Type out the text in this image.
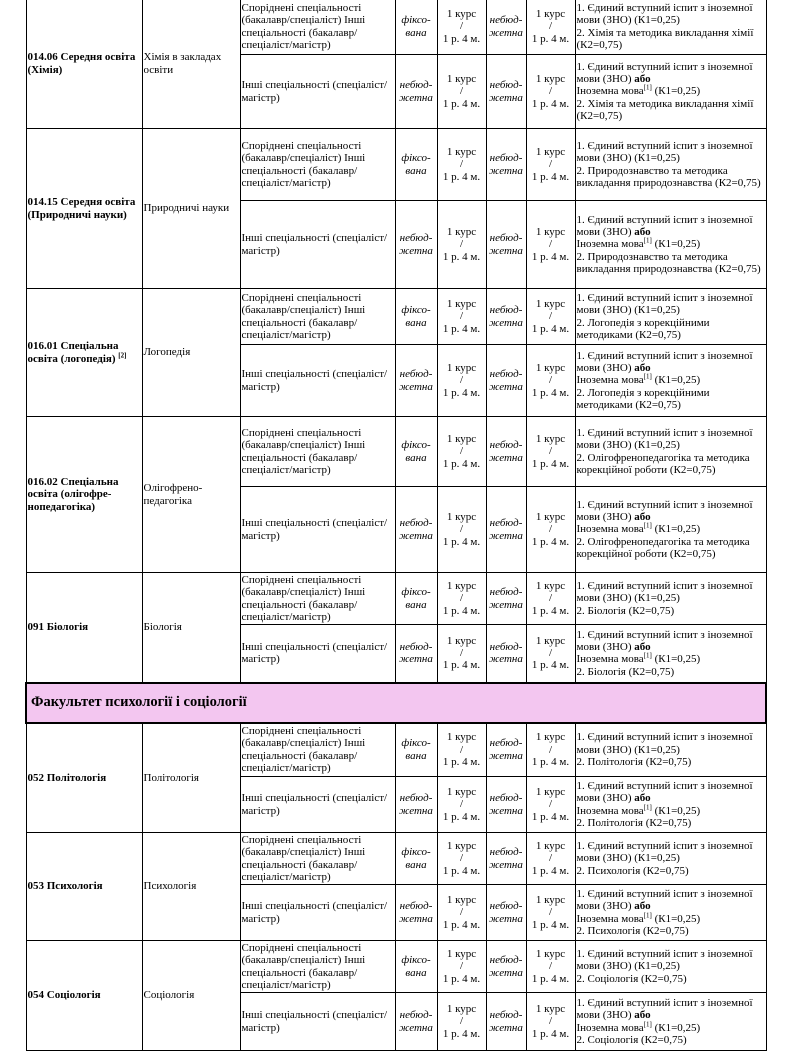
014.06 Середня освіта (Хімія)	Хімія в закладах освіти	Споріднені спеціальності (бакалавр/спеціаліст) Інші спеціальності (бакалавр/спеціаліст/магістр)	фіксо-вана	1 курс
/
1 р. 4 м.	небюд-жетна	1 курс
/
1 р. 4 м.	1. Єдиний вступний іспит з іноземної мови (ЗНО) (К1=0,25)
2. Хімія та методика викладання хімії (К2=0,75)
		Інші спеціальності (спеціаліст/магістр)	небюд-жетна	1 курс
/
1 р. 4 м.	небюд-жетна	1 курс
/
1 р. 4 м.	1. Єдиний вступний іспит з іноземної мови (ЗНО) або
Іноземна мова[1] (К1=0,25)
2. Хімія та методика викладання хімії (К2=0,75)
014.15 Середня освіта (Природничі науки)	Природничі науки	Споріднені спеціальності (бакалавр/спеціаліст) Інші спеціальності (бакалавр/спеціаліст/магістр)	фіксо-вана	1 курс
/
1 р. 4 м.	небюд-жетна	1 курс
/
1 р. 4 м.	1. Єдиний вступний іспит з іноземної мови (ЗНО) (К1=0,25)
2. Природознавство та методика викладання природознавства (К2=0,75)
		Інші спеціальності (спеціаліст/магістр)	небюд-жетна	1 курс
/
1 р. 4 м.	небюд-жетна	1 курс
/
1 р. 4 м.	1. Єдиний вступний іспит з іноземної мови (ЗНО) або
Іноземна мова[1] (К1=0,25)
2. Природознавство та методика викладання природознавства (К2=0,75)
016.01 Спеціальна освіта (логопедія) [2]	Логопедія	Споріднені спеціальності (бакалавр/спеціаліст) Інші спеціальності (бакалавр/спеціаліст/магістр)	фіксо-вана	1 курс
/
1 р. 4 м.	небюд-жетна	1 курс
/
1 р. 4 м.	1. Єдиний вступний іспит з іноземної мови (ЗНО) (К1=0,25)
2. Логопедія з корекційними методиками (К2=0,75)
		Інші спеціальності (спеціаліст/магістр)	небюд-жетна	1 курс
/
1 р. 4 м.	небюд-жетна	1 курс
/
1 р. 4 м.	1. Єдиний вступний іспит з іноземної мови (ЗНО) або
Іноземна мова[1] (К1=0,25)
2. Логопедія з корекційними методиками (К2=0,75)
016.02 Спеціальна освіта (олігофре-нопедагогіка)	Олігофрено-педагогіка	Споріднені спеціальності (бакалавр/спеціаліст) Інші спеціальності (бакалавр/спеціаліст/магістр)	фіксо-вана	1 курс
/
1 р. 4 м.	небюд-жетна	1 курс
/
1 р. 4 м.	1. Єдиний вступний іспит з іноземної мови (ЗНО) (К1=0,25)
2. Олігофренопедагогіка та методика корекційної роботи (К2=0,75)
		Інші спеціальності (спеціаліст/магістр)	небюд-жетна	1 курс
/
1 р. 4 м.	небюд-жетна	1 курс
/
1 р. 4 м.	1. Єдиний вступний іспит з іноземної мови (ЗНО) або
Іноземна мова[1] (К1=0,25)
2. Олігофренопедагогіка та методика корекційної роботи (К2=0,75)
091 Біологія	Біологія	Споріднені спеціальності (бакалавр/спеціаліст) Інші спеціальності (бакалавр/спеціаліст/магістр)	фіксо-вана	1 курс
/
1 р. 4 м.	небюд-жетна	1 курс
/
1 р. 4 м.	1. Єдиний вступний іспит з іноземної мови (ЗНО) (К1=0,25)
2. Біологія (К2=0,75)
		Інші спеціальності (спеціаліст/магістр)	небюд-жетна	1 курс
/
1 р. 4 м.	небюд-жетна	1 курс
/
1 р. 4 м.	1. Єдиний вступний іспит з іноземної мови (ЗНО) або
Іноземна мова[1] (К1=0,25)
2. Біологія (К2=0,75)
Факультет психології і соціології							
052 Політологія	Політологія	Споріднені спеціальності (бакалавр/спеціаліст) Інші спеціальності (бакалавр/спеціаліст/магістр)	фіксо-вана	1 курс
/
1 р. 4 м.	небюд-жетна	1 курс
/
1 р. 4 м.	1. Єдиний вступний іспит з іноземної мови (ЗНО) (К1=0,25)
2. Політологія (К2=0,75)
		Інші спеціальності (спеціаліст/магістр)	небюд-жетна	1 курс
/
1 р. 4 м.	небюд-жетна	1 курс
/
1 р. 4 м.	1. Єдиний вступний іспит з іноземної мови (ЗНО) або
Іноземна мова[1] (К1=0,25)
2. Політологія (К2=0,75)
053 Психологія	Психологія	Споріднені спеціальності (бакалавр/спеціаліст) Інші спеціальності (бакалавр/спеціаліст/магістр)	фіксо-вана	1 курс
/
1 р. 4 м.	небюд-жетна	1 курс
/
1 р. 4 м.	1. Єдиний вступний іспит з іноземної мови (ЗНО) (К1=0,25)
2. Психологія (К2=0,75)
		Інші спеціальності (спеціаліст/магістр)	небюд-жетна	1 курс
/
1 р. 4 м.	небюд-жетна	1 курс
/
1 р. 4 м.	1. Єдиний вступний іспит з іноземної мови (ЗНО) або
Іноземна мова[1] (К1=0,25)
2. Психологія (К2=0,75)
054 Соціологія	Соціологія	Споріднені спеціальності (бакалавр/спеціаліст) Інші спеціальності (бакалавр/спеціаліст/магістр)	фіксо-вана	1 курс
/
1 р. 4 м.	небюд-жетна	1 курс
/
1 р. 4 м.	1. Єдиний вступний іспит з іноземної мови (ЗНО) (К1=0,25)
2. Соціологія (К2=0,75)
		Інші спеціальності (спеціаліст/магістр)	небюд-жетна	1 курс
/
1 р. 4 м.	небюд-жетна	1 курс
/
1 р. 4 м.	1. Єдиний вступний іспит з іноземної мови (ЗНО) або
Іноземна мова[1] (К1=0,25)
2. Соціологія (К2=0,75)
